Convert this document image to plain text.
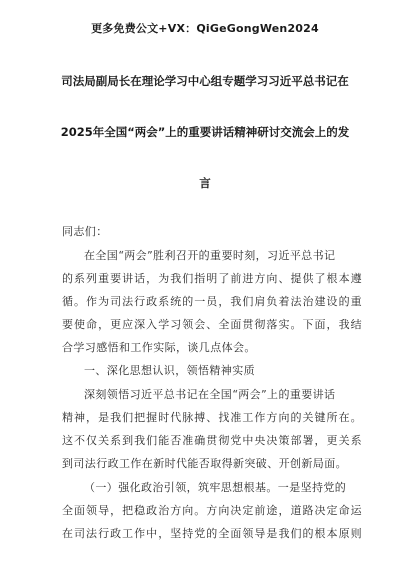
更多免费公文+VX：QiGeGongWen2024
司法局副局长在理论学习中心组专题学习习近平总书记在
2025年全国“两会”上的重要讲话精神研讨交流会上的发
言
同志们：
在全国“两会”胜利召开的重要时刻，习近平总书记
的系列重要讲话，为我们指明了前进方向、提供了根本遵
循。作为司法行政系统的一员，我们肩负着法治建设的重
要使命，更应深入学习领会、全面贯彻落实。下面，我结
合学习感悟和工作实际，谈几点体会。
一、深化思想认识，领悟精神实质
深刻领悟习近平总书记在全国“两会”上的重要讲话
精神，是我们把握时代脉搏、找准工作方向的关键所在。
这不仅关系到我们能否准确贯彻党中央决策部署，更关系
到司法行政工作在新时代能否取得新突破、开创新局面。
（一）强化政治引领，筑牢思想根基。一是坚持党的
全面领导，把稳政治方向。方向决定前途，道路决定命运
在司法行政工作中，坚持党的全面领导是我们的根本原则
